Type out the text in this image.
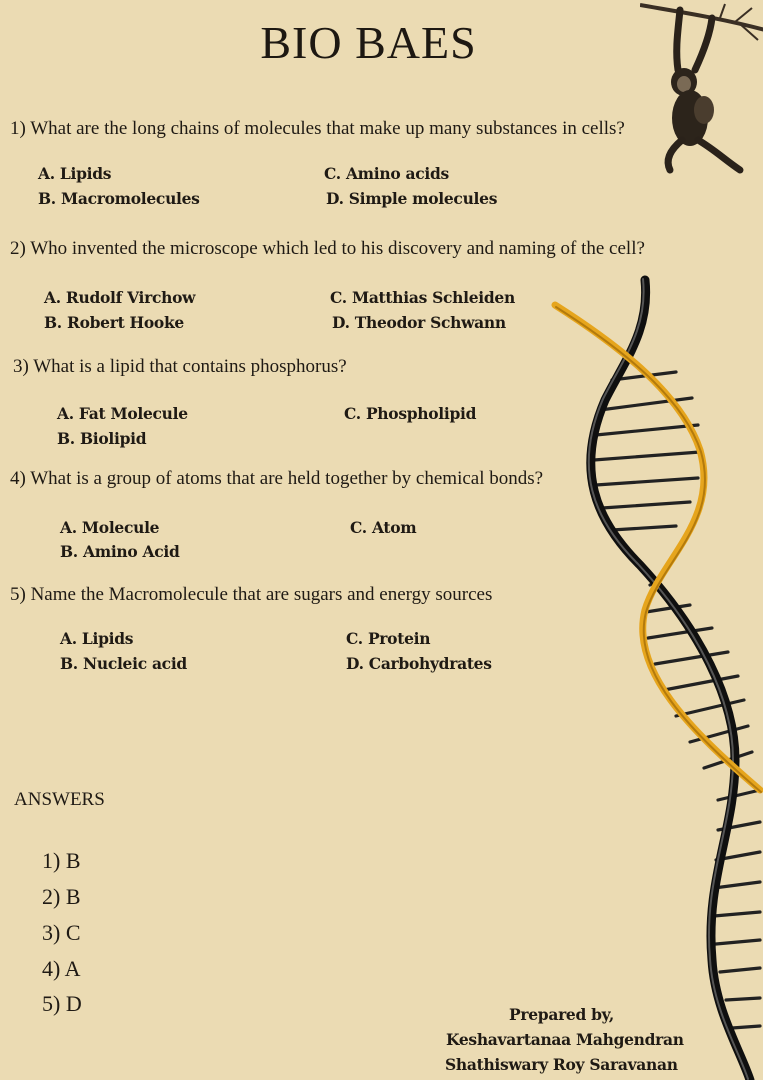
BIO BAES
1) What are the long chains of molecules that make up many substances in cells?
A. Lipids
B. Macromolecules
C. Amino acids
D. Simple molecules
2) Who invented the microscope which led to his discovery and naming of the cell?
A. Rudolf Virchow
B. Robert Hooke
C. Matthias Schleiden
D. Theodor Schwann
3) What is a lipid that contains phosphorus?
A. Fat Molecule
B. Biolipid
C. Phospholipid
4) What is a group of atoms that are held together by chemical bonds?
A. Molecule
B. Amino Acid
C. Atom
5) Name the Macromolecule that are sugars and energy sources
A. Lipids
B. Nucleic acid
C. Protein
D. Carbohydrates
ANSWERS
1) B
2) B
3) C
4) A
5) D	Prepared by,
Keshavartanaa Mahgendran
Shathiswary Roy Saravanan
